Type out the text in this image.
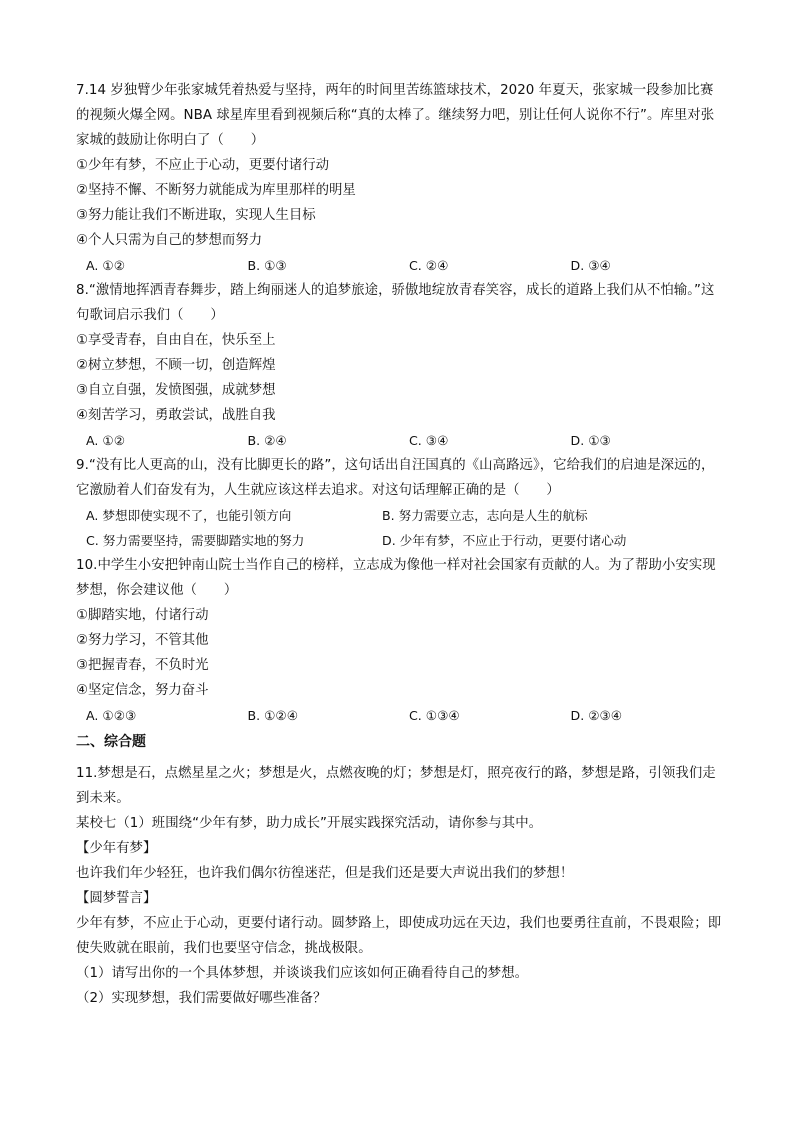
7.14 岁独臂少年张家城凭着热爱与坚持，两年的时间里苦练篮球技术，2020 年夏天，张家城一段参加比赛的视频火爆全网。NBA 球星库里看到视频后称“真的太棒了。继续努力吧，别让任何人说你不行”。库里对张家城的鼓励让你明白了（　　）

①少年有梦，不应止于心动，更要付诸行动

②坚持不懈、不断努力就能成为库里那样的明星

③努力能让我们不断进取，实现人生目标

④个人只需为自己的梦想而努力

A. ①②	B. ①③	C. ②④	D. ③④

8.“激情地挥洒青春舞步，踏上绚丽迷人的追梦旅途，骄傲地绽放青春笑容，成长的道路上我们从不怕输。”这句歌词启示我们（　　）

①享受青春，自由自在，快乐至上

②树立梦想，不顾一切，创造辉煌

③自立自强，发愤图强，成就梦想

④刻苦学习，勇敢尝试，战胜自我

A. ①②	B. ②④	C. ③④	D. ①③

9.“没有比人更高的山，没有比脚更长的路”，这句话出自汪国真的《山高路远》，它给我们的启迪是深远的，它激励着人们奋发有为，人生就应该这样去追求。对这句话理解正确的是（　　）

A. 梦想即使实现不了，也能引领方向	B. 努力需要立志，志向是人生的航标
C. 努力需要坚持，需要脚踏实地的努力	D. 少年有梦，不应止于行动，更要付诸心动

10.中学生小安把钟南山院士当作自己的榜样，立志成为像他一样对社会国家有贡献的人。为了帮助小安实现梦想，你会建议他（　　）

①脚踏实地，付诸行动

②努力学习，不管其他

③把握青春，不负时光

④坚定信念，努力奋斗

A. ①②③	B. ①②④	C. ①③④	D. ②③④

二、综合题

11.梦想是石，点燃星星之火；梦想是火，点燃夜晚的灯；梦想是灯，照亮夜行的路，梦想是路，引领我们走到未来。

某校七（1）班围绕“少年有梦，助力成长”开展实践探究活动，请你参与其中。

【少年有梦】

也许我们年少轻狂，也许我们偶尔彷徨迷茫，但是我们还是要大声说出我们的梦想！

【圆梦誓言】

少年有梦，不应止于心动，更要付诸行动。圆梦路上，即使成功远在天边，我们也要勇往直前，不畏艰险；即使失败就在眼前，我们也要坚守信念，挑战极限。

（1）请写出你的一个具体梦想，并谈谈我们应该如何正确看待自己的梦想。

（2）实现梦想，我们需要做好哪些准备？
